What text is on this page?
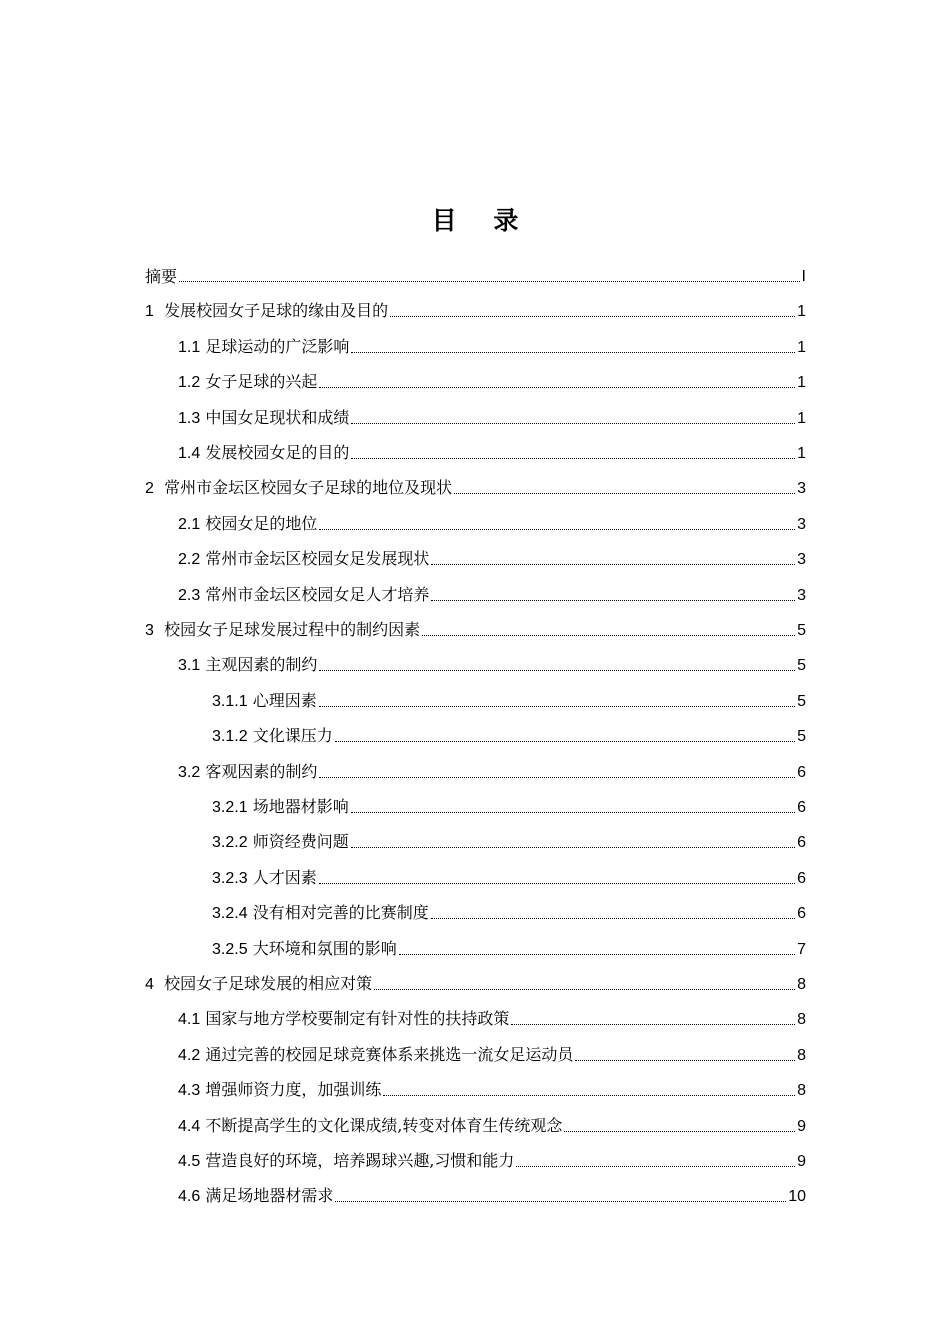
目 录
摘要	I
1 发展校园女子足球的缘由及目的	1
1.1 足球运动的广泛影响	1
1.2 女子足球的兴起	1
1.3 中国女足现状和成绩	1
1.4 发展校园女足的目的	1
2 常州市金坛区校园女子足球的地位及现状	3
2.1 校园女足的地位	3
2.2 常州市金坛区校园女足发展现状	3
2.3 常州市金坛区校园女足人才培养	3
3 校园女子足球发展过程中的制约因素	5
3.1 主观因素的制约	5
3.1.1 心理因素	5
3.1.2 文化课压力	5
3.2 客观因素的制约	6
3.2.1 场地器材影响	6
3.2.2 师资经费问题	6
3.2.3 人才因素	6
3.2.4 没有相对完善的比赛制度	6
3.2.5 大环境和氛围的影响	7
4 校园女子足球发展的相应对策	8
4.1 国家与地方学校要制定有针对性的扶持政策	8
4.2 通过完善的校园足球竞赛体系来挑选一流女足运动员	8
4.3 增强师资力度，加强训练	8
4.4 不断提高学生的文化课成绩,转变对体育生传统观念	9
4.5 营造良好的环境，培养踢球兴趣,习惯和能力	9
4.6 满足场地器材需求	10
